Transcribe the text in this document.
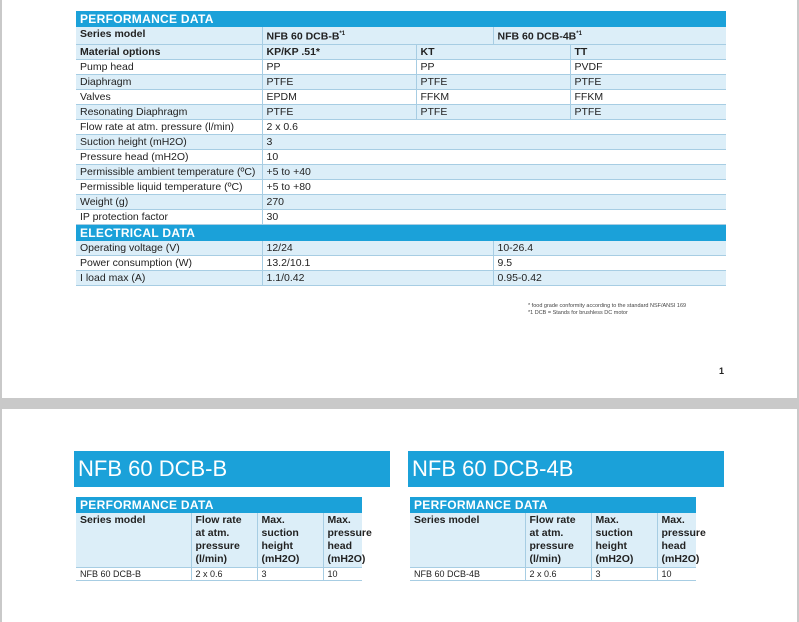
PERFORMANCE DATA				
Series model	NFB 60 DCB-$B^{*1}$		NFB 60 DCB-$4B^{*1}$
Material options	KP/KP .51*	KT		TT
Pump head	PP	PP		PVDF
Diaphragm	PTFE	PTFE		PTFE
Valves	EPDM	FFKM		FFKM
Resonating Diaphragm	PTFE	PTFE		PTFE
Flow rate at atm. pressure (l/min)	2 x 0.6			
Suction height (mH2O)	3			
Pressure head (mH2O)	10			
Permissible ambient temperature (ºC)	+5 to +40			
Permissible liquid temperature (ºC)	+5 to +80			
Weight (g)	270			
IP protection factor	30			
ELECTRICAL DATA				
Operating voltage (V)	12/24		10-26.4	
Power consumption (W)	13.2/10.1		9.5	
I load max (A)	1.1/0.42		0.95-0.42	
* food grade conformity according to the standard NSF/ANSI 169
*1 DCB = Stands for brushless DC motor
1
NFB 60 DCB-B	NFB 60 DCB-4B
PERFORMANCE DATA			
Series model	Flow rate at atm. pressure (l/min)	Max. suction height (mH2O)	Max. pressure head (mH2O)
NFB 60 DCB-B	2 x 0.6	3	10
PERFORMANCE DATA			
Series model	Flow rate at atm. pressure (l/min)	Max. suction height (mH2O)	Max. pressure head (mH2O)
NFB 60 DCB-4B	2 x 0.6	3	10
